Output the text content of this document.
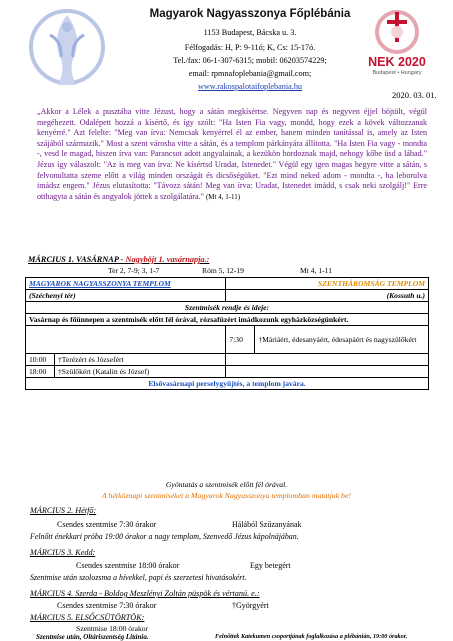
NEK 2020
Budapest • Hungary
Magyarok Nagyasszonya Főplébánia
1153 Budapest, Bácska u. 3.
Félfogadás: H, P: 9-11ó; K, Cs: 15-17ó.
Tel./fax: 06-1-307-6315; mobil: 06203574229;
email: rpmnafoplebania@gmail.com;
www.rakospalotaifoplebania.hu
2020. 03. 01.
„Akkor a Lélek a pusztába vitte Jézust, hogy a sátán megkísértse. Negyven nap és negyven éjjel böjtölt, végül megéhezett. Odalépett hozzá a kísértő, és így szólt: "Ha Isten Fia vagy, mondd, hogy ezek a kövek változzanak kenyérré." Azt felelte: "Meg van írva: Nemcsak kenyérrel él az ember, hanem minden tanítással is, amely az Isten szájából származik." Most a szent városba vitte a sátán, és a templom párkányára állította. "Ha Isten Fia vagy - mondta -, vesd le magad, hiszen írva van: Parancsot adott angyalainak, a kezükön hordoznak majd, nehogy kőbe üsd a lábad." Jézus így válaszolt: "Az is meg van írva: Ne kísértsd Uradat, Istenedet." Végül egy igen magas hegyre vitte a sátán, s felvonultatta szeme előtt a világ minden országát és dicsőségüket. "Ezt mind neked adom - mondta -, ha leborulva imádsz engem." Jézus elutasította: "Távozz sátán! Meg van írva: Uradat, Istenedet imádd, s csak neki szolgálj!" Erre otthagyta a sátán és angyalok jöttek a szolgálatára." (Mt 4, 1-11)
MÁRCIUS 1. VASÁRNAP - Nagyböjt 1. vasárnapja.:
Ter 2, 7-9; 3, 1-7	Róm 5, 12-19	Mt 4, 1-11
MAGYAROK NAGYASSZONYA TEMPLOM		SZENTHÁROMSÁG TEMPLOM	
(Széchenyi tér)		(Kossuth u.)	
Szentmisék rendje és ideje:			
Vasárnap és főünnepen a szentmisék előtt fél órával, rózsafüzért imádkozunk egyházközségünkért.			
		7:30	†Máriáért, édesanyáért, édesapáért és nagyszülőkért
10:00	†Terézért és Józsefért		
18:00	†Szülőkért (Katalin és József)		
Elsővasárnapi perselygyűjtés, a templom javára.			
Gyóntatás a szentmisék előtt fél órával.
A hétköznapi szentmiséket a Magyarok Nagyasszonya templomban mutatjuk be!
MÁRCIUS 2. Hétfő:
Csendes szentmise 7:30 órakor	Hálából Szűzanyának
Felnőtt énekkari próba 19:00 órakor a nagy templom, Szenvedő Jézus kápolnájában.
MÁRCIUS 3. Kedd:
Csendes szentmise 18:00 órakor	Egy betegért
Szentmise után szolozsma a hívekkel, papi és szerzetesi hivatásokért.
MÁRCIUS 4. Szerda - Boldog Meszlényi Zoltán püspök és vértanú. e.:
Csendes szentmise 7:30 órakor	†Györgyért
MÁRCIUS 5. ELSŐCSÜTÖRTÖK:
Szentmise 18:00 órakor
Szentmise után, Oltáriszentség Litánia.	Felnőttek Katekumen csoportjának foglalkozása a plébánián, 19:00 órakor.
